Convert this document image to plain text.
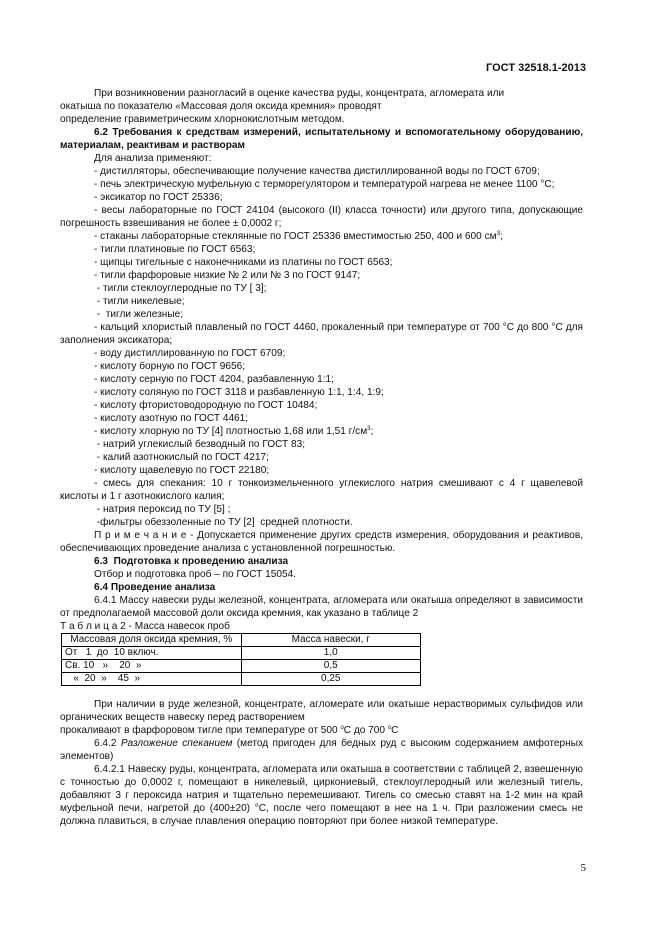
ГОСТ 32518.1-2013

При возникновении разногласий в оценке качества руды, концентрата, агломерата или

окатыша по показателю «Массовая доля оксида кремния» проводят

определение гравиметрическим хлорнокислотным методом.

6.2 Требования к средствам измерений, испытательному и вспомогательному оборудованию, материалам, реактивам и растворам

Для анализа применяют:

- дистилляторы, обеспечивающие получение качества дистиллированной воды по ГОСТ 6709;

- печь электрическую муфельную с терморегулятором и температурой нагрева не менее 1100 °С;

- эксикатор по ГОСТ 25336;

- весы лабораторные по ГОСТ 24104 (высокого (II) класса точности) или другого типа, допускающие погрешность взвешивания не более ± 0,0002 г;

- стаканы лабораторные стеклянные по ГОСТ 25336 вместимостью 250, 400 и 600 $см^3$;

- тигли платиновые по ГОСТ 6563;

- щипцы тигельные с наконечниками из платины по ГОСТ 6563;

- тигли фарфоровые низкие № 2 или № 3 по ГОСТ 9147;

- тигли стеклоуглеродные по ТУ [ 3];

- тигли никелевые;

-  тигли железные;

- кальций хлористый плавленый по ГОСТ 4460, прокаленный при температуре от 700 °С до 800 °С для заполнения эксикатора;

- воду дистиллированную по ГОСТ 6709;

- кислоту борную по ГОСТ 9656;

- кислоту серную по ГОСТ 4204, разбавленную 1:1;

- кислоту соляную по ГОСТ 3118 и разбавленную 1:1, 1:4, 1:9;

- кислоту фтористоводородную по ГОСТ 10484;

- кислоту азотную по ГОСТ 4461;

- кислоту хлорную по ТУ [4] плотностью 1,68 или 1,51 $г/см^3$;

- натрий углекислый безводный по ГОСТ 83;

- калий азотнокислый по ГОСТ 4217;

- кислоту щавелевую по ГОСТ 22180;

- смесь для спекания: 10 г тонкоизмельченного углекислого натрия смешивают с 4 г щавелевой кислоты и 1 г азотнокислого калия;

- натрия пероксид по ТУ [5] ;

-фильтры обеззоленные по ТУ [2]  средней плотности.

П р и м е ч а н и е - Допускается применение других средств измерения, оборудования и реактивов, обеспечивающих проведение анализа с установленной погрешностью.

6.3  Подготовка к проведению анализа

Отбор и подготовка проб – по ГОСТ 15054.

6.4 Проведение анализа

6.4.1 Массу навески руды железной, концентрата, агломерата или окатыша определяют в зависимости от предполагаемой массовой доли оксида кремния, как указано в таблице 2

Т а б л и ц а 2 - Масса навесок проб

Массовая доля оксида кремния, %	Масса навески, г
От   1  до  10 включ.	1,0
Св. 10   »    20  »	0,5
«  20  »    45  »	0,25

При наличии в руде железной, концентрате, агломерате или окатыше нерастворимых сульфидов или органических веществ навеску перед растворением

прокаливают в фарфоровом тигле при температуре от 500 $^о$С до 700 $^о$С

6.4.2 Разложение спеканием (метод пригоден для бедных руд с высоким содержанием амфотерных элементов)

6.4.2.1 Навеску руды, концентрата, агломерата или окатыша в соответствии с таблицей 2, взвешенную с точностью до 0,0002 г, помещают в никелевый, циркониевый, стеклоуглеродный или железный тигель, добавляют 3 г пероксида натрия и тщательно перемешивают. Тигель со смесью ставят на 1-2 мин на край муфельной печи, нагретой до (400±20) °С, после чего помещают в нее на 1 ч. При разложении смесь не должна плавиться, в случае плавления операцию повторяют при более низкой температуре.

5
